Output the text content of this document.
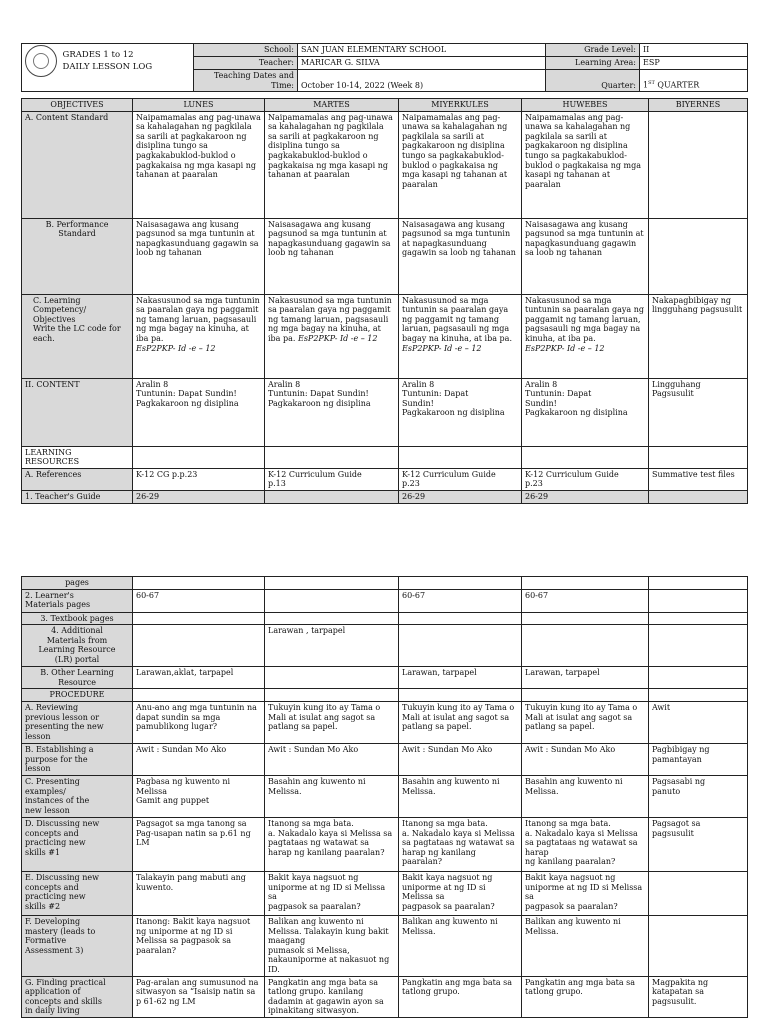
GRADES 1 to 12
DAILY LESSON LOG	School:	SAN JUAN ELEMENTARY SCHOOL	Grade Level:	II
	Teacher:	MARICAR G. SILVA	Learning Area:	ESP
	Teaching Dates and
Time:	October 10-14, 2022 (Week 8)	Quarter:	1ST QUARTER
OBJECTIVES	LUNES	MARTES	MIYERKULES	HUWEBES	BIYERNES
A. Content Standard	Naipamamalas ang pag-unawa sa kahalagahan ng pagkilala sa sarili at pagkakaroon ng disiplina tungo sa pagkakabuklod-buklod o pagkakaisa ng mga kasapi ng tahanan at paaralan	Naipamamalas ang pag-unawa sa kahalagahan ng pagkilala sa sarili at pagkakaroon ng disiplina tungo sa pagkakabuklod-buklod o pagkakaisa ng mga kasapi ng tahanan at paaralan	Naipamamalas ang pag-unawa sa kahalagahan ng pagkilala sa sarili at pagkakaroon ng disiplina tungo sa pagkakabuklod-buklod o pagkakaisa ng mga kasapi ng tahanan at paaralan	Naipamamalas ang pag-unawa sa kahalagahan ng pagkilala sa sarili at pagkakaroon ng disiplina tungo sa pagkakabuklod-buklod o pagkakaisa ng mga kasapi ng tahanan at paaralan	
B. Performance
Standard	Naisasagawa ang kusang pagsunod sa mga tuntunin at napagkasunduang gagawin sa loob ng tahanan	Naisasagawa ang kusang pagsunod sa mga tuntunin at napagkasunduang gagawin sa loob ng tahanan	Naisasagawa ang kusang pagsunod sa mga tuntunin at napagkasunduang gagawin sa loob ng tahanan	Naisasagawa ang kusang pagsunod sa mga tuntunin at napagkasunduang gagawin sa loob ng tahanan	

C. Learning
Competency/
Objectives
Write the LC code for each.	Nakasusunod sa mga tuntunin sa paaralan gaya ng paggamit ng tamang laruan, pagsasauli ng mga bagay na kinuha, at iba pa.
EsP2PKP- Id -e – 12	Nakasusunod sa mga tuntunin sa paaralan gaya ng paggamit ng tamang laruan, pagsasauli ng mga bagay na kinuha, at iba pa. EsP2PKP- Id -e – 12	Nakasusunod sa mga tuntunin sa paaralan gaya ng paggamit ng tamang laruan, pagsasauli ng mga bagay na kinuha, at iba pa.
EsP2PKP- Id -e – 12	Nakasusunod sa mga tuntunin sa paaralan gaya ng paggamit ng tamang laruan, pagsasauli ng mga bagay na kinuha, at iba pa.
EsP2PKP- Id -e – 12	Nakapagbibigay ng lingguhang pagsusulit
II. CONTENT	Aralin 8
Tuntunin: Dapat Sundin!
Pagkakaroon ng disiplina	Aralin 8
Tuntunin: Dapat Sundin!
Pagkakaroon ng disiplina	Aralin 8
Tuntunin: Dapat
Sundin!
Pagkakaroon ng disiplina	Aralin 8
Tuntunin: Dapat
Sundin!
Pagkakaroon ng disiplina	Lingguhang
Pagsusulit
LEARNING
RESOURCES					
A. References	K-12 CG p.p.23	K-12 Curriculum Guide
p.13	K-12 Curriculum Guide
p.23	K-12 Curriculum Guide
p.23	Summative test files
1. Teacher's Guide	26-29		26-29	26-29	
pages					
2. Learner's
Materials pages	60-67		60-67	60-67	
3. Textbook pages					
4. Additional
Materials from
Learning Resource
(LR) portal		Larawan , tarpapel			
B. Other Learning
Resource	Larawan,aklat, tarpapel		Larawan, tarpapel	Larawan, tarpapel	
PROCEDURE					
A. Reviewing
previous lesson or
presenting the new
lesson	Anu-ano ang mga tuntunin na dapat sundin sa mga pamublikong lugar?	Tukuyin kung ito ay Tama o Mali at isulat ang sagot sa patlang sa papel.	Tukuyin kung ito ay Tama o Mali at isulat ang sagot sa patlang sa papel.	Tukuyin kung ito ay Tama o Mali at isulat ang sagot sa patlang sa papel.	Awit
B. Establishing a
purpose for the
lesson	Awit : Sundan Mo Ako	Awit : Sundan Mo Ako	Awit : Sundan Mo Ako	Awit : Sundan Mo Ako	Pagbibigay ng
pamantayan
C. Presenting
examples/
instances of the
new lesson	Pagbasa ng kuwento ni Melissa
Gamit ang puppet	Basahin ang kuwento ni Melissa.	Basahin ang kuwento ni Melissa.	Basahin ang kuwento ni Melissa.	Pagsasabi ng
panuto
D. Discussing new
concepts and
practicing new
skills #1	Pagsagot sa mga tanong sa Pag-usapan natin sa p.61 ng LM	Itanong sa mga bata.
a. Nakadalo kaya si Melissa sa pagtataas ng watawat sa harap ng kanilang paaralan?	Itanong sa mga bata.
a. Nakadalo kaya si Melissa sa pagtataas ng watawat sa harap ng kanilang paaralan?	Itanong sa mga bata.
a. Nakadalo kaya si Melissa sa pagtataas ng watawat sa harap
ng kanilang paaralan?	Pagsagot sa
pagsusulit
E. Discussing new
concepts and
practicing new
skills #2	Talakayin pang mabuti ang kuwento.	Bakit kaya nagsuot ng uniporme at ng ID si Melissa sa
pagpasok sa paaralan?	Bakit kaya nagsuot ng uniporme at ng ID si Melissa sa
pagpasok sa paaralan?	Bakit kaya nagsuot ng uniporme at ng ID si Melissa sa
pagpasok sa paaralan?	
F. Developing
mastery (leads to
Formative
Assessment 3)	Itanong: Bakit kaya nagsuot ng uniporme at ng ID si Melissa sa pagpasok sa paaralan?	Balikan ang kuwento ni Melissa. Talakayin kung bakit maagang
pumasok si Melissa, nakauniporme at nakasuot ng ID.	Balikan ang kuwento ni Melissa.	Balikan ang kuwento ni Melissa.	
G. Finding practical
application of
concepts and skills
in daily living	Pag-aralan ang sumusunod na sitwasyon sa “Isaisip natin sa p 61-62 ng LM	Pangkatin ang mga bata sa tatlong grupo. kanilang dadamin at gagawin ayon sa ipinakitang sitwasyon.	Pangkatin ang mga bata sa tatlong grupo.	Pangkatin ang mga bata sa tatlong grupo.	Magpakita ng katapatan sa pagsusulit.
